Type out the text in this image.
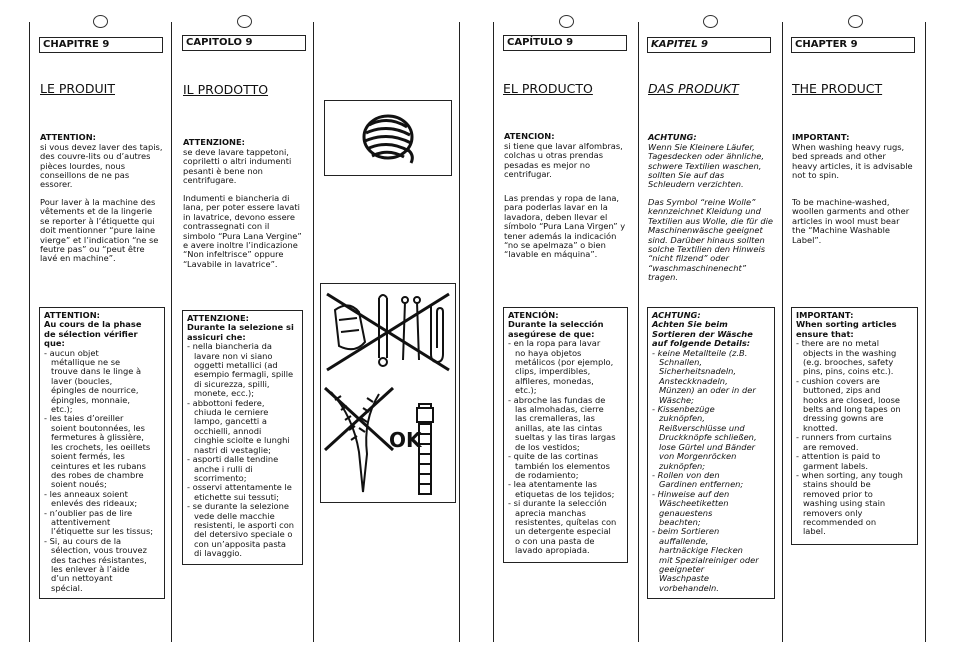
CHAPITRE 9
LE PRODUIT

ATTENTION:

si vous devez laver des tapis,
des couvre-lits ou d’autres
pièces lourdes, nous
conseillons de ne pas
essorer.

Pour laver à la machine des
vêtements et de la lingerie
se reporter à l’étiquette qui
doit mentionner “pure laine
vierge” et l’indication “ne se
feutre pas” ou “peut être
lavé en machine”.
ATTENTION:
Au cours de la phase
de sélection vérifier
que:
- aucun objet
métallique ne se
trouve dans le linge à
laver (boucles,
épingles de nourrice,
épingles, monnaie,
etc.);
- les taies d’oreiller
soient boutonnées, les
fermetures à glissière,
les crochets, les oeillets
soient fermés, les
ceintures et les rubans
des robes de chambre
soient noués;
- les anneaux soient
enlevés des rideaux;
- n’oublier pas de lire
attentivement
l’étiquette sur les tissus;
- Si, au cours de la
sélection, vous trouvez
des taches résistantes,
les enlever à l’aide
d’un nettoyant
spécial.
CAPITOLO 9
IL PRODOTTO

ATTENZIONE:

se deve lavare tappetoni,
copriletti o altri indumenti
pesanti è bene non
centrifugare.

Indumenti e biancheria di
lana, per poter essere lavati
in lavatrice, devono essere
contrassegnati con il
simbolo “Pura Lana Vergine”
e avere inoltre l’indicazione
“Non infeltrisce” oppure
“Lavabile in lavatrice”.
ATTENZIONE:
Durante la selezione si
assicuri che:
- nella biancheria da
lavare non vi siano
oggetti metallici (ad
esempio fermagli, spille
di sicurezza, spilli,
monete, ecc.);
- abbottoni federe,
chiuda le cerniere
lampo, gancetti a
occhielli, annodi
cinghie sciolte e lunghi
nastri di vestaglie;
- asporti dalle tendine
anche i rulli di
scorrimento;
- osservi attentamente le
etichette sui tessuti;
- se durante la selezione
vede delle macchie
resistenti, le asporti con
del detersivo speciale o
con un’apposita pasta
di lavaggio.
OK
CAPÍTULO 9
EL PRODUCTO

ATENCION:

si tiene que lavar alfombras,
colchas u otras prendas
pesadas es mejor no
centrifugar.

Las prendas y ropa de lana,
para poderlas lavar en la
lavadora, deben llevar el
símbolo “Pura Lana Virgen” y
tener además la indicación
“no se apelmaza” o bien
“lavable en máquina”.
ATENCIÓN:
Durante la selección
asegúrese de que:
- en la ropa para lavar
no haya objetos
metálicos (por ejemplo,
clips, imperdibles,
alfileres, monedas,
etc.);
- abroche las fundas de
las almohadas, cierre
las cremalleras, las
anillas, ate las cintas
sueltas y las tiras largas
de los vestidos;
- quite de las cortinas
también los elementos
de rodamiento;
- lea atentamente las
etiquetas de los tejidos;
- si durante la selección
aprecia manchas
resistentes, quítelas con
un detergente especial
o con una pasta de
lavado apropiada.
KAPITEL 9
DAS PRODUKT

ACHTUNG:

Wenn Sie Kleinere Läufer,
Tagesdecken oder ähnliche,
schwere Textilien waschen,
sollten Sie auf das
Schleudern verzichten.

Das Symbol “reine Wolle”
kennzeichnet Kleidung und
Textilien aus Wolle, die für die
Maschinenwäsche geeignet
sind. Darüber hinaus sollten
solche Textilien den Hinweis
“nicht filzend” oder
“waschmaschinenecht”
tragen.
ACHTUNG:
Achten Sie beim
Sortieren der Wäsche
auf folgende Details:
- keine Metallteile (z.B.
Schnallen,
Sicherheitsnadeln,
Ansteckknadeln,
Münzen) an oder in der
Wäsche;
- Kissenbezüge
zuknöpfen,
Reißverschlüsse und
Druckknöpfe schließen,
lose Gürtel und Bänder
von Morgenröcken
zuknöpfen;
- Rollen von den
Gardinen entfernen;
- Hinweise auf den
Wäscheetiketten
genauestens
beachten;
- beim Sortieren
auffallende,
hartnäckige Flecken
mit Spezialreiniger oder
geeigneter
Waschpaste
vorbehandeln.
CHAPTER 9
THE PRODUCT

IMPORTANT:

When washing heavy rugs,
bed spreads and other
heavy articles, it is advisable
not to spin.

To be machine-washed,
woollen garments and other
articles in wool must bear
the “Machine Washable
Label”.
IMPORTANT:
When sorting articles
ensure that:
- there are no metal
objects in the washing
(e.g. brooches, safety
pins, pins, coins etc.).
- cushion covers are
buttoned, zips and
hooks are closed, loose
belts and long tapes on
dressing gowns are
knotted.
- runners from curtains
are removed.
- attention is paid to
garment labels.
- when sorting, any tough
stains should be
removed prior to
washing using stain
removers only
recommended on
label.
